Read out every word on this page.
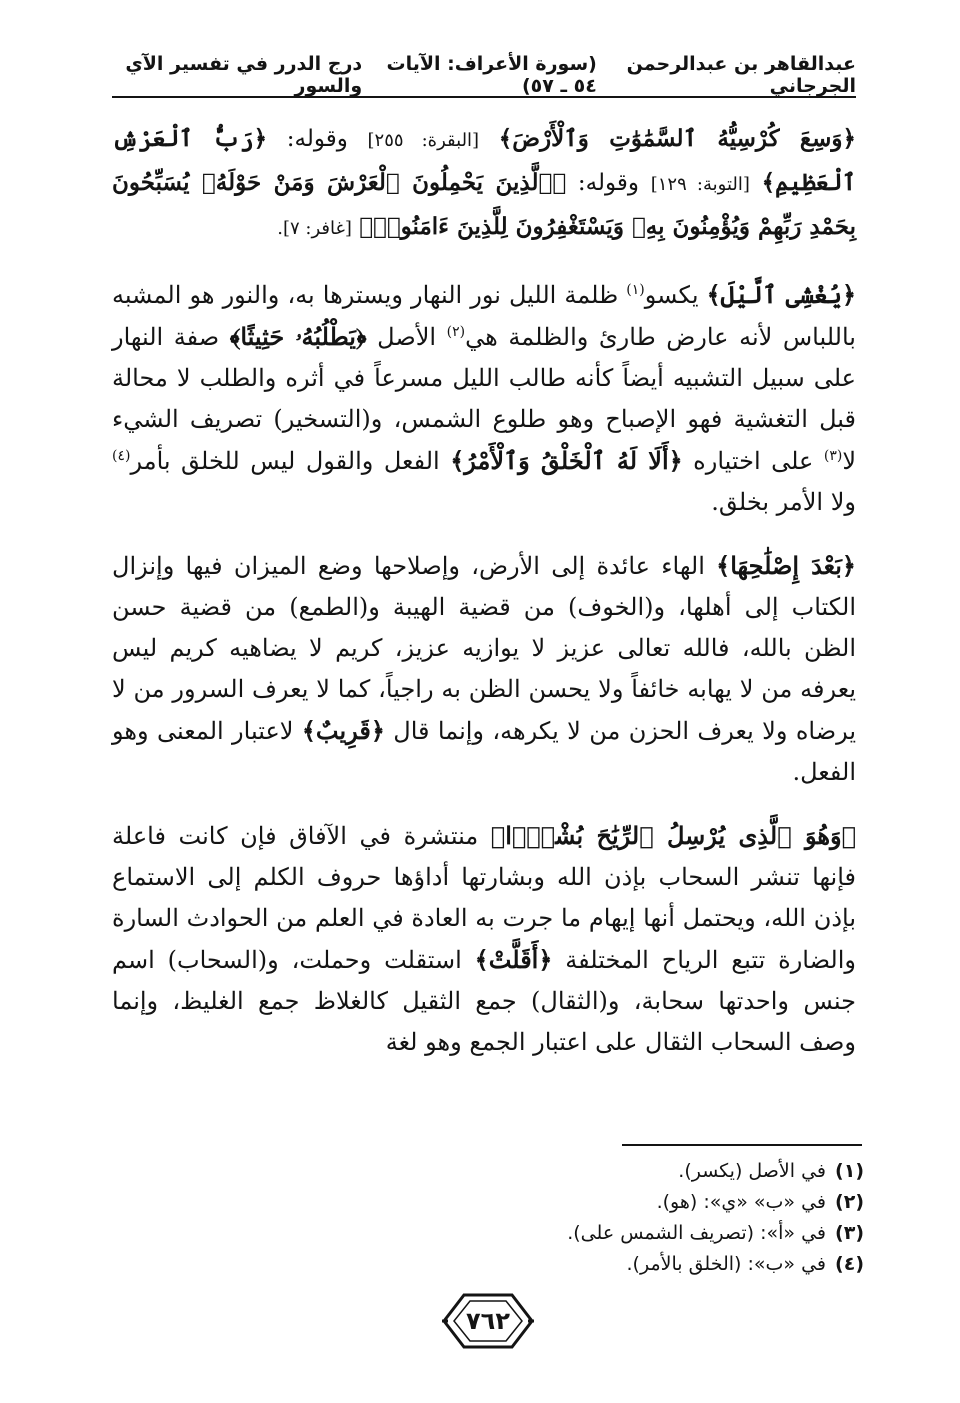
عبدالقاهر بن عبدالرحمن الجرجاني
(سورة الأعراف: الآيات ٥٤ ـ ٥٧)
درج الدرر في تفسير الآي والسور

﴿وَسِعَ كُرْسِيُّهُ ٱلسَّمَٰوَٰتِ وَٱلْأَرْضَ﴾ [البقرة: ٢٥٥] وقوله: ﴿رَبُّ ٱلْعَرْشِ ٱلْعَظِيمِ﴾ [التوبة: ١٢٩] وقوله: ﴿ٱلَّذِينَ يَحْمِلُونَ ٱلْعَرْشَ وَمَنْ حَوْلَهُۥ يُسَبِّحُونَ بِحَمْدِ رَبِّهِمْ وَيُؤْمِنُونَ بِهِۦ وَيَسْتَغْفِرُونَ لِلَّذِينَ ءَامَنُوا۟﴾ [غافر: ٧].

﴿يُغْشِى ٱلَّيْلَ﴾ يكسو$^{(١)}$ ظلمة الليل نور النهار ويسترها به، والنور هو المشبه باللباس لأنه عارض طارئ والظلمة هي$^{(٢)}$ الأصل ﴿يَطْلُبُهُۥ حَثِيثًا﴾ صفة النهار على سبيل التشبيه أيضاً كأنه طالب الليل مسرعاً في أثره والطلب لا محالة قبل التغشية فهو الإصباح وهو طلوع الشمس، و(التسخير) تصريف الشيء لا$^{(٣)}$ على اختياره ﴿أَلَا لَهُ ٱلْخَلْقُ وَٱلْأَمْرُ﴾ الفعل والقول ليس للخلق بأمر$^{(٤)}$ ولا الأمر بخلق.

﴿بَعْدَ إِصْلَٰحِهَا﴾ الهاء عائدة إلى الأرض، وإصلاحها وضع الميزان فيها وإنزال الكتاب إلى أهلها، و(الخوف) من قضية الهيبة و(الطمع) من قضية حسن الظن بالله، فالله تعالى عزيز لا يوازيه عزيز، كريم لا يضاهيه كريم ليس يعرفه من لا يهابه خائفاً ولا يحسن الظن به راجياً، كما لا يعرف السرور من لا يرضاه ولا يعرف الحزن من لا يكرهه، وإنما قال ﴿قَرِيبٌ﴾ لاعتبار المعنى وهو الفعل.

﴿وَهُوَ ٱلَّذِى يُرْسِلُ ٱلرِّيَٰحَ بُشْرًۢا﴾ منتشرة في الآفاق فإن كانت فاعلة فإنها تنشر السحاب بإذن الله وبشارتها أداؤها حروف الكلم إلى الاستماع بإذن الله، ويحتمل أنها إيهام ما جرت به العادة في العلم من الحوادث السارة والضارة تتبع الرياح المختلفة ﴿أَقَلَّتْ﴾ استقلت وحملت، و(السحاب) اسم جنس واحدتها سحابة، و(الثقال) جمع الثقيل كالغلاظ جمع الغليظ، وإنما وصف السحاب الثقال على اعتبار الجمع وهو لغة

(١)في الأصل (يكسر).
(٢)في «ب» «ي»: (هو).
(٣)في «أ»: (تصريف الشمس على).
(٤)في «ب»: (الخلق بالأمر).
٧٦٢
